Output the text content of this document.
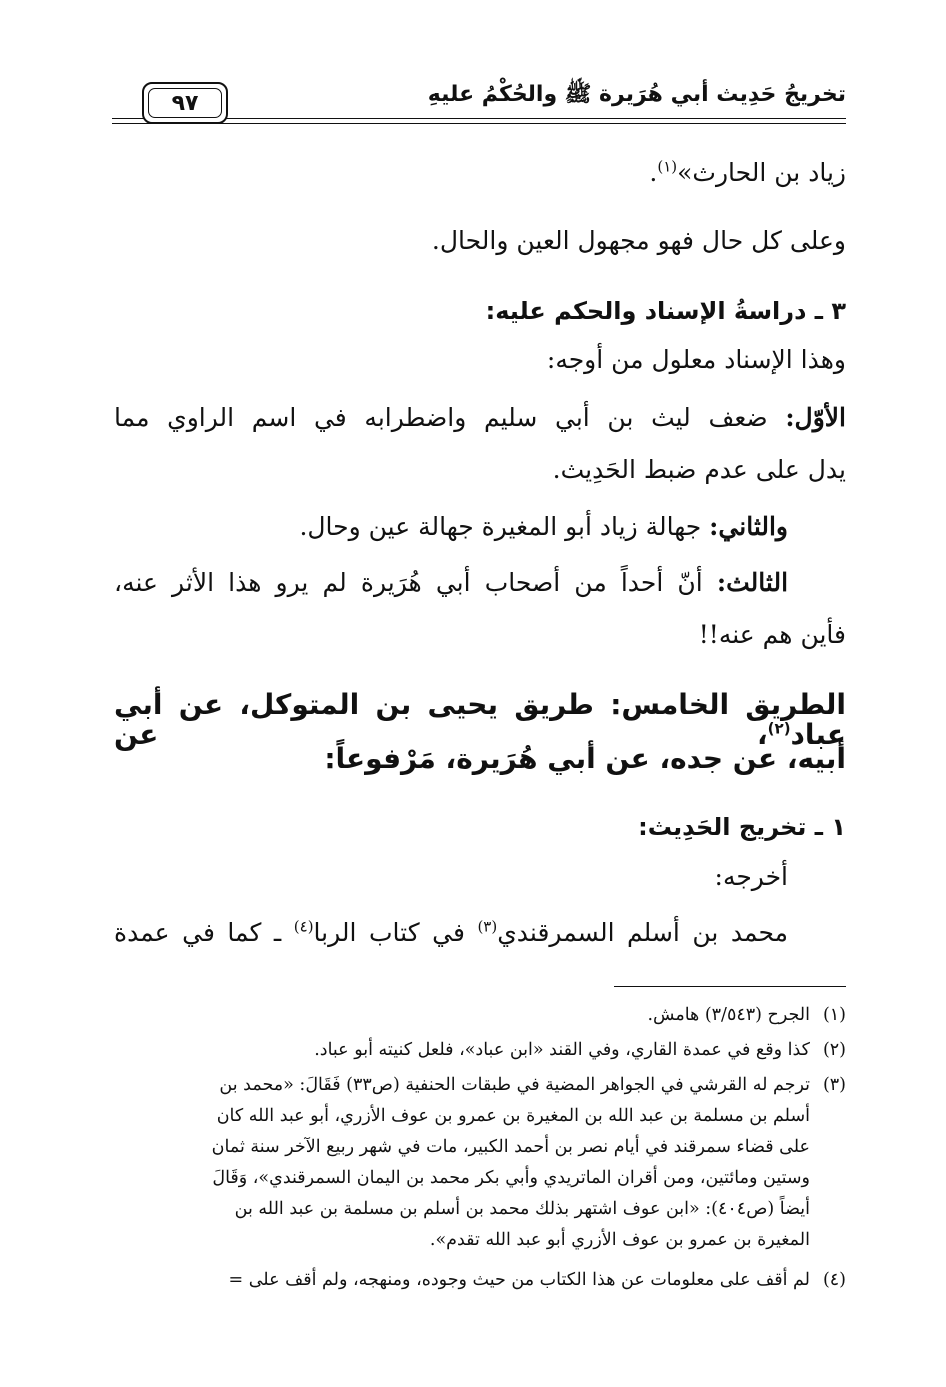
تخريجُ حَدِيث أبي هُرَيرة ﷺ والحُكْمُ عليهِ
٩٧
زياد بن الحارث»$^{(١)}$.
وعلى كل حال فهو مجهول العين والحال.
٣ ـ دراسةُ الإسناد والحكم عليه:
وهذا الإسناد معلول من أوجه:
الأوّل: ضعف ليث بن أبي سليم واضطرابه في اسم الراوي مما
يدل على عدم ضبط الحَدِيث.
والثاني: جهالة زياد أبو المغيرة جهالة عين وحال.
الثالث: أنّ أحداً من أصحاب أبي هُرَيرة لم يرو هذا الأثر عنه،
فأين هم عنه!!
الطريق الخامس: طريق يحيى بن المتوكل، عن أبي عباد$^{(٢)}$، عن
أبيه، عن جده، عن أبي هُرَيرة، مَرْفوعاً:
١ ـ تخريج الحَدِيث:
أخرجه:
محمد بن أسلم السمرقندي$^{(٣)}$ في كتاب الربا$^{(٤)}$ ـ كما في عمدة
(١)
الجرح (٣/٥٤٣) هامش.
(٢)
كذا وقع في عمدة القاري، وفي القند «ابن عباد»، فلعل كنيته أبو عباد.
(٣)
ترجم له القرشي في الجواهر المضية في طبقات الحنفية (ص٣٣) فَقَالَ: «محمد بن
أسلم بن مسلمة بن عبد الله بن المغيرة بن عمرو بن عوف الأزري، أبو عبد الله كان
على قضاء سمرقند في أيام نصر بن أحمد الكبير، مات في شهر ربيع الآخر سنة ثمان
وستين ومائتين، ومن أقران الماتريدي وأبي بكر محمد بن اليمان السمرقندي»، وَقَالَ
أيضاً (ص٤٠٤): «ابن عوف اشتهر بذلك محمد بن أسلم بن مسلمة بن عبد الله بن
المغيرة بن عمرو بن عوف الأزري أبو عبد الله تقدم».
(٤)
لم أقف على معلومات عن هذا الكتاب من حيث وجوده، ومنهجه، ولم أقف على =
